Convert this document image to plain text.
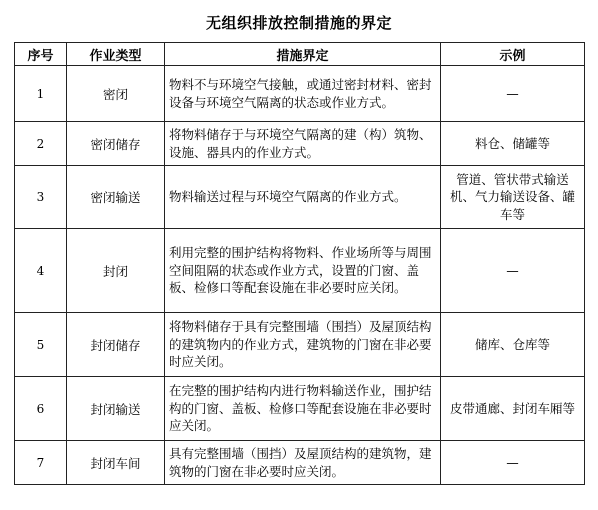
无组织排放控制措施的界定
序号	作业类型	措施界定	示例
1	密闭	物料不与环境空气接触，或通过密封材料、密封设备与环境空气隔离的状态或作业方式。	—
2	密闭储存	将物料储存于与环境空气隔离的建（构）筑物、设施、器具内的作业方式。	料仓、储罐等
3	密闭输送	物料输送过程与环境空气隔离的作业方式。	管道、管状带式输送机、气力输送设备、罐车等
4	封闭	利用完整的围护结构将物料、作业场所等与周围空间阻隔的状态或作业方式，设置的门窗、盖板、检修口等配套设施在非必要时应关闭。	—
5	封闭储存	将物料储存于具有完整围墙（围挡）及屋顶结构的建筑物内的作业方式，建筑物的门窗在非必要时应关闭。	储库、仓库等
6	封闭输送	在完整的围护结构内进行物料输送作业，围护结构的门窗、盖板、检修口等配套设施在非必要时应关闭。	皮带通廊、封闭车厢等
7	封闭车间	具有完整围墙（围挡）及屋顶结构的建筑物，建筑物的门窗在非必要时应关闭。	—
